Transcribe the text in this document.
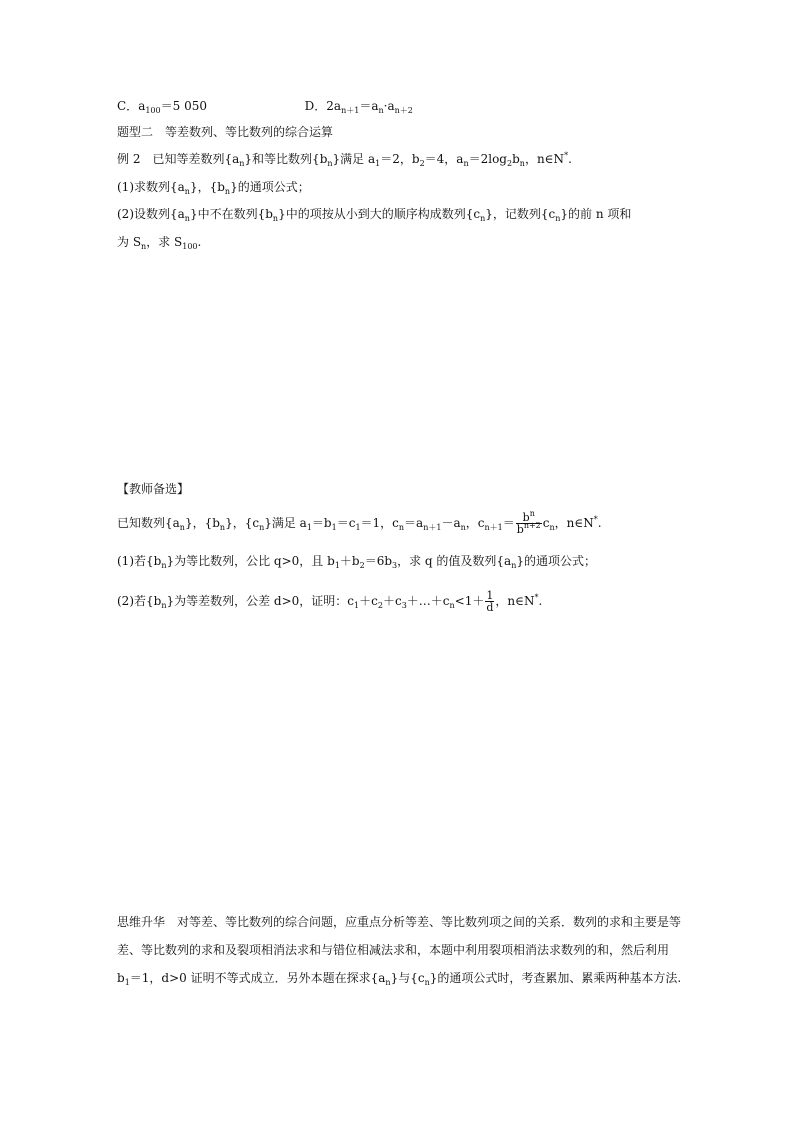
C．$a_{100}=5$ 050	D．$2a_{n+1}=a_n\cdot a_{n+2}$
题型二　等差数列、等比数列的综合运算
例 2　 已知等差数列$\{a_n\}$和等比数列$\{b_n\}$满足 $a_1=2$，$b_2=4$，$a_n=2\log_2b_n$，n∈N*.
(1)求数列$\{a_n\}$，$\{b_n\}$的通项公式；
(2)设数列$\{a_n\}$中不在数列$\{b_n\}$中的项按从小到大的顺序构成数列$\{c_n\}$，记数列$\{c_n\}$的前 n 项和
为 $S_n$，求 $S_{100}$.
【教师备选】
已知数列$\{a_n\}$，$\{b_n\}$，$\{c_n\}$满足 $a_1=b_1=c_1=1$，$c_n=a_{n+1}-a_n$，$c_{n+1}= \frac{b^n}{b^{n+2}} c_n$，n∈N*.
(1)若$\{b_n\}$为等比数列，公比 q>0，且 $b_1+b_2=6b_3$，求 q 的值及数列$\{a_n\}$的通项公式；
(2)若$\{b_n\}$为等差数列，公差 d>0，证明：$c_1+c_2+c_3+\dots+c_n<1+ \frac{1}{d}$ ，n∈N*.
思维升华　 对等差、等比数列的综合问题，应重点分析等差、等比数列项之间的关系．数列的求和主要是等差、等比数列的求和及裂项相消法求和与错位相减法求和，本题中利用裂项相消法求数列的和，然后利用 $b_1=1$，d>0 证明不等式成立．另外本题在探求$\{a_n\}$与$\{c_n\}$的通项公式时，考查累加、累乘两种基本方法.
